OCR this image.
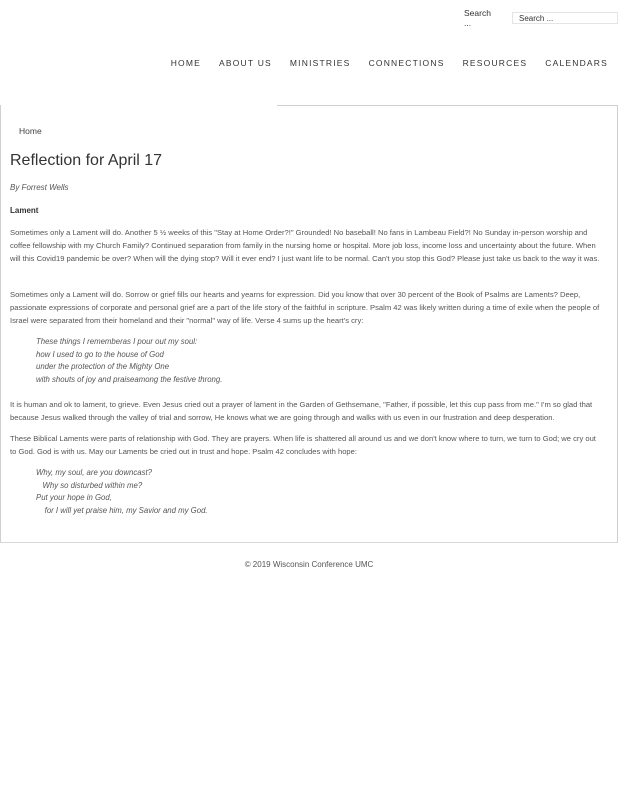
Search ...
Search ...
HOME ABOUT US MINISTRIES CONNECTIONS RESOURCES CALENDARS
Home
Reflection for April 17
By Forrest Wells
Lament

Sometimes only a Lament will do. Another 5 ½ weeks of this "Stay at Home Order?!" Grounded! No baseball! No fans in Lambeau Field?! No Sunday in-person worship and coffee fellowship with my Church Family? Continued separation from family in the nursing home or hospital. More job loss, income loss and uncertainty about the future. When will this Covid19 pandemic be over? When will the dying stop? Will it ever end? I just want life to be normal. Can't you stop this God? Please just take us back to the way it was.

Sometimes only a Lament will do. Sorrow or grief fills our hearts and yearns for expression. Did you know that over 30 percent of the Book of Psalms are Laments? Deep, passionate expressions of corporate and personal grief are a part of the life story of the faithful in scripture. Psalm 42 was likely written during a time of exile when the people of Israel were separated from their homeland and their "normal" way of life. Verse 4 sums up the heart's cry:

These things I rememberas I pour out my soul:
how I used to go to the house of God
under the protection of the Mighty One
with shouts of joy and praiseamong the festive throng.

It is human and ok to lament, to grieve. Even Jesus cried out a prayer of lament in the Garden of Gethsemane, "Father, if possible, let this cup pass from me." I'm so glad that because Jesus walked through the valley of trial and sorrow, He knows what we are going through and walks with us even in our frustration and deep desperation.

These Biblical Laments were parts of relationship with God. They are prayers. When life is shattered all around us and we don't know where to turn, we turn to God; we cry out to God. God is with us. May our Laments be cried out in trust and hope. Psalm 42 concludes with hope:

Why, my soul, are you downcast?
Why so disturbed within me?
Put your hope in God,
for I will yet praise him, my Savior and my God.
© 2019 Wisconsin Conference UMC
